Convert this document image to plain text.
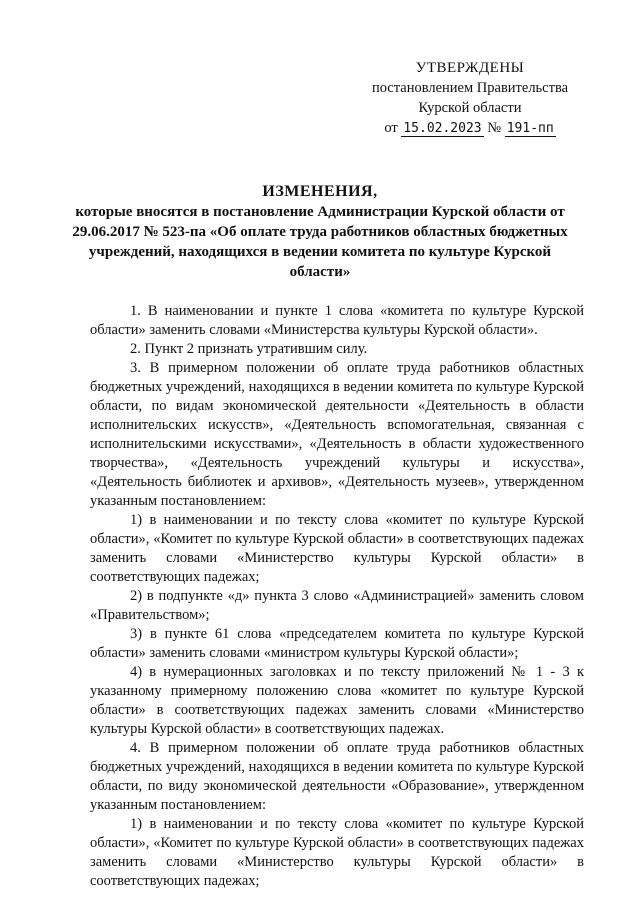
УТВЕРЖДЕНЫ
постановлением Правительства
Курской области
от 15.02.2023 № 191-пп
ИЗМЕНЕНИЯ,
которые вносятся в постановление Администрации Курской области от 29.06.2017 № 523-па «Об оплате труда работников областных бюджетных учреждений, находящихся в ведении комитета по культуре Курской области»

1. В наименовании и пункте 1 слова «комитета по культуре Курской области» заменить словами «Министерства культуры Курской области».

2. Пункт 2 признать утратившим силу.

3. В примерном положении об оплате труда работников областных бюджетных учреждений, находящихся в ведении комитета по культуре Курской области, по видам экономической деятельности «Деятельность в области исполнительских искусств», «Деятельность вспомогательная, связанная с исполнительскими искусствами», «Деятельность в области художественного творчества», «Деятельность учреждений культуры и искусства», «Деятельность библиотек и архивов», «Деятельность музеев», утвержденном указанным постановлением:

1) в наименовании и по тексту слова «комитет по культуре Курской области», «Комитет по культуре Курской области» в соответствующих падежах заменить словами «Министерство культуры Курской области» в соответствующих падежах;

2) в подпункте «д» пункта 3 слово «Администрацией» заменить словом «Правительством»;

3) в пункте 61 слова «председателем комитета по культуре Курской области» заменить словами «министром культуры Курской области»;

4) в нумерационных заголовках и по тексту приложений № 1 - 3 к указанному примерному положению слова «комитет по культуре Курской области» в соответствующих падежах заменить словами «Министерство культуры Курской области» в соответствующих падежах.

4. В примерном положении об оплате труда работников областных бюджетных учреждений, находящихся в ведении комитета по культуре Курской области, по виду экономической деятельности «Образование», утвержденном указанным постановлением:

1) в наименовании и по тексту слова «комитет по культуре Курской области», «Комитет по культуре Курской области» в соответствующих падежах заменить словами «Министерство культуры Курской области» в соответствующих падежах;
